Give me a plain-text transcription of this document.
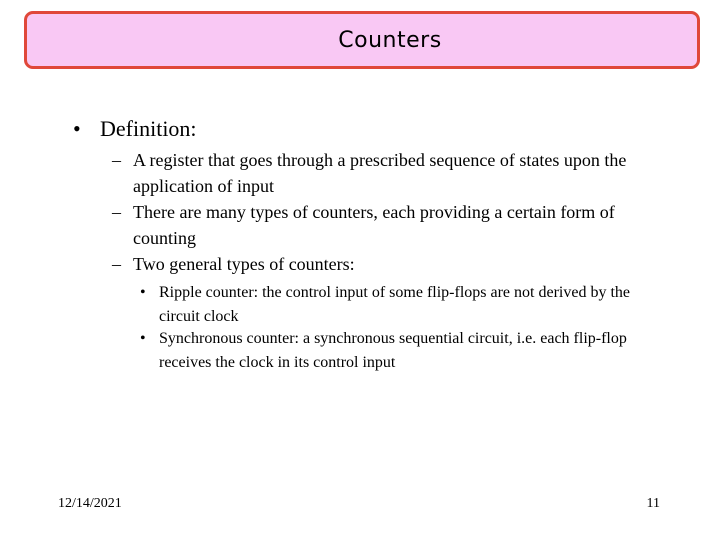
Counters
• Definition:
– A register that goes through a prescribed sequence of states upon the application of input
– There are many types of counters, each providing a certain form of counting
– Two general types of counters:
• Ripple counter: the control input of some flip-flops are not derived by the circuit clock
• Synchronous counter: a synchronous sequential circuit, i.e. each flip-flop receives the clock in its control input
12/14/2021	11
